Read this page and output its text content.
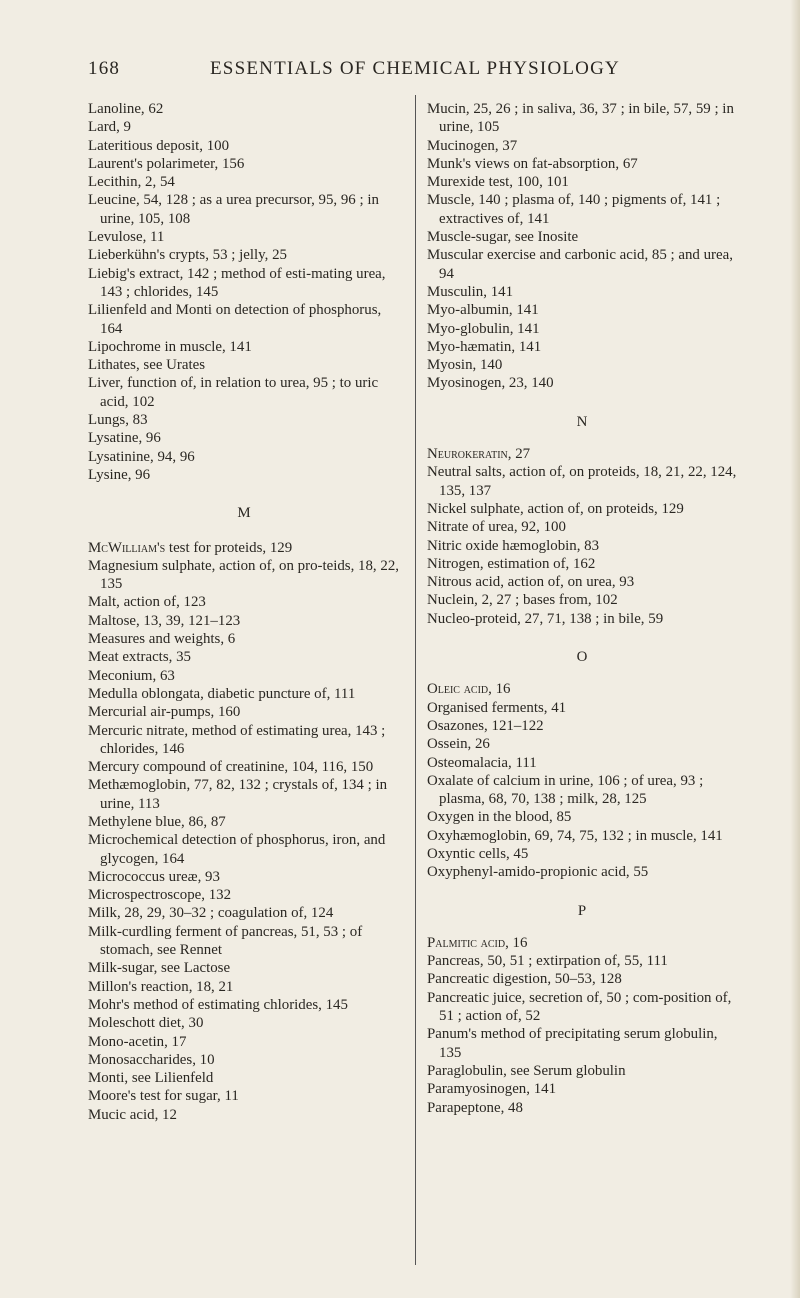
168	ESSENTIALS OF CHEMICAL PHYSIOLOGY

Lanoline, 62

Lard, 9

Lateritious deposit, 100

Laurent's polarimeter, 156

Lecithin, 2, 54

Leucine, 54, 128 ; as a urea precursor, 95, 96 ; in urine, 105, 108

Levulose, 11

Lieberkühn's crypts, 53 ; jelly, 25

Liebig's extract, 142 ; method of esti-mating urea, 143 ; chlorides, 145

Lilienfeld and Monti on detection of phosphorus, 164

Lipochrome in muscle, 141

Lithates, see Urates

Liver, function of, in relation to urea, 95 ; to uric acid, 102

Lungs, 83

Lysatine, 96

Lysatinine, 94, 96

Lysine, 96

M

McWilliam's test for proteids, 129

Magnesium sulphate, action of, on pro-teids, 18, 22, 135

Malt, action of, 123

Maltose, 13, 39, 121–123

Measures and weights, 6

Meat extracts, 35

Meconium, 63

Medulla oblongata, diabetic puncture of, 111

Mercurial air-pumps, 160

Mercuric nitrate, method of estimating urea, 143 ; chlorides, 146

Mercury compound of creatinine, 104, 116, 150

Methæmoglobin, 77, 82, 132 ; crystals of, 134 ; in urine, 113

Methylene blue, 86, 87

Microchemical detection of phosphorus, iron, and glycogen, 164

Micrococcus ureæ, 93

Microspectroscope, 132

Milk, 28, 29, 30–32 ; coagulation of, 124

Milk-curdling ferment of pancreas, 51, 53 ; of stomach, see Rennet

Milk-sugar, see Lactose

Millon's reaction, 18, 21

Mohr's method of estimating chlorides, 145

Moleschott diet, 30

Mono-acetin, 17

Monosaccharides, 10

Monti, see Lilienfeld

Moore's test for sugar, 11

Mucic acid, 12

Mucin, 25, 26 ; in saliva, 36, 37 ; in bile, 57, 59 ; in urine, 105

Mucinogen, 37

Munk's views on fat-absorption, 67

Murexide test, 100, 101

Muscle, 140 ; plasma of, 140 ; pigments of, 141 ; extractives of, 141

Muscle-sugar, see Inosite

Muscular exercise and carbonic acid, 85 ; and urea, 94

Musculin, 141

Myo-albumin, 141

Myo-globulin, 141

Myo-hæmatin, 141

Myosin, 140

Myosinogen, 23, 140

N

Neurokeratin, 27

Neutral salts, action of, on proteids, 18, 21, 22, 124, 135, 137

Nickel sulphate, action of, on proteids, 129

Nitrate of urea, 92, 100

Nitric oxide hæmoglobin, 83

Nitrogen, estimation of, 162

Nitrous acid, action of, on urea, 93

Nuclein, 2, 27 ; bases from, 102

Nucleo-proteid, 27, 71, 138 ; in bile, 59

O

Oleic acid, 16

Organised ferments, 41

Osazones, 121–122

Ossein, 26

Osteomalacia, 111

Oxalate of calcium in urine, 106 ; of urea, 93 ; plasma, 68, 70, 138 ; milk, 28, 125

Oxygen in the blood, 85

Oxyhæmoglobin, 69, 74, 75, 132 ; in muscle, 141

Oxyntic cells, 45

Oxyphenyl-amido-propionic acid, 55

P

Palmitic acid, 16

Pancreas, 50, 51 ; extirpation of, 55, 111

Pancreatic digestion, 50–53, 128

Pancreatic juice, secretion of, 50 ; com-position of, 51 ; action of, 52

Panum's method of precipitating serum globulin, 135

Paraglobulin, see Serum globulin

Paramyosinogen, 141

Parapeptone, 48
